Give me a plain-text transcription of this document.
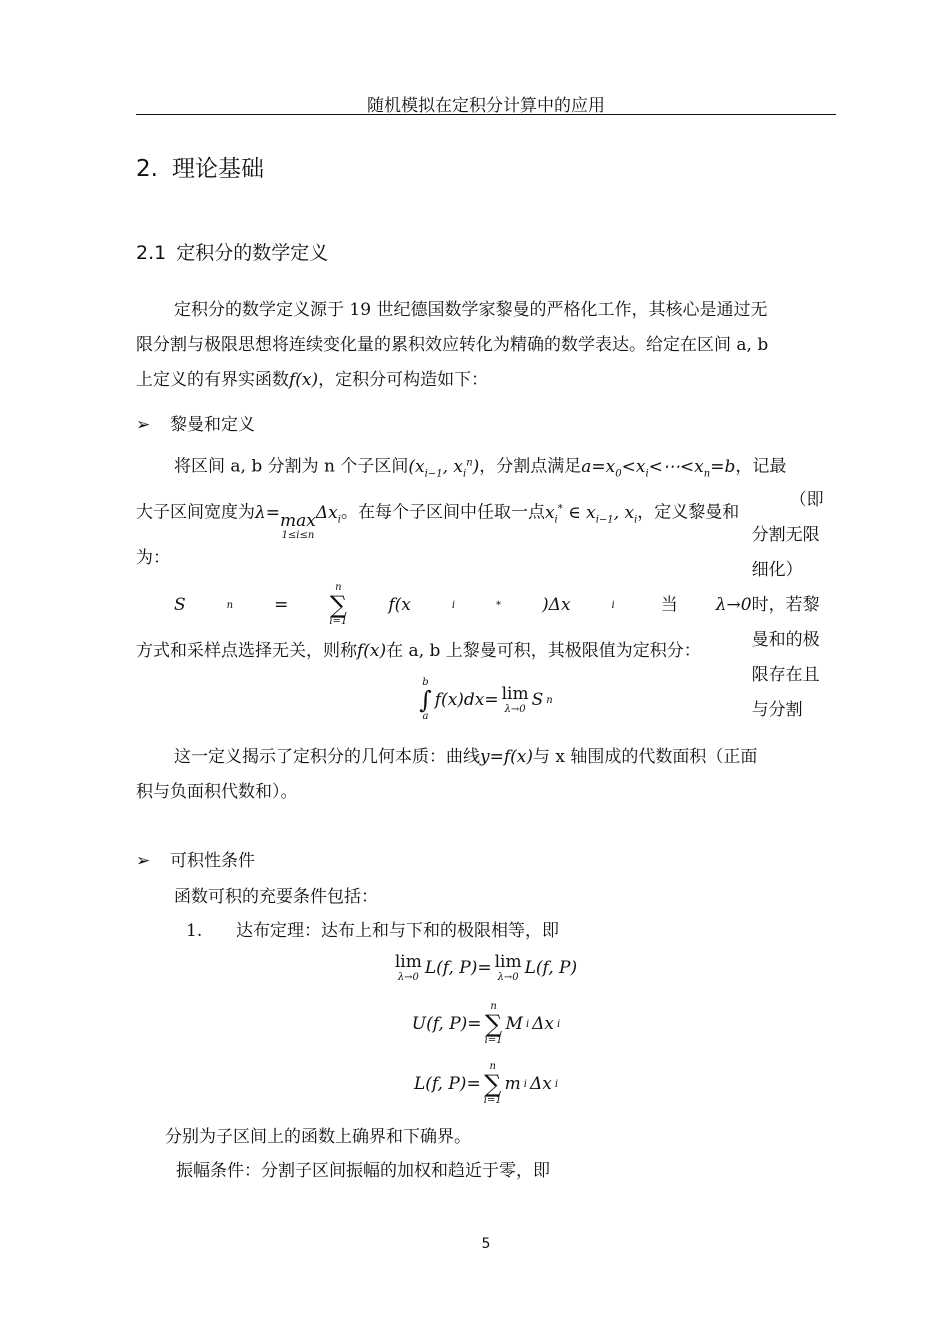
随机模拟在定积分计算中的应用
2. 理论基础
2.1 定积分的数学定义
定积分的数学定义源于 19 世纪德国数学家黎曼的严格化工作，其核心是通过无
限分割与极限思想将连续变化量的累积效应转化为精确的数学表达。给定在区间 a, b
上定义的有界实函数f(x)，定积分可构造如下：
➢ 黎曼和定义
将区间 a, b 分割为 n 个子区间($x_{i-1}$, $x_i^n$)，分割点满足$a=x_0<x_i<\cdots<x_n=b$，记最
大子区间宽度为λ= max
1≤i≤n
$\Delta x_i$。在每个子区间中任取一点$x_i^*$ ∈ $x_{i-1}$, $x_i$，定义黎曼和
为：
S	n =
n
∑
i=1
f(x	i	* )Δx	i	当	λ→0
（即分割无限细化）时，若黎曼和的极限存在且与分割
方式和采样点选择无关，则称f(x)在 a, b 上黎曼可积，其极限值为定积分：
b
∫
a
f(x)dx= lim
λ→0 S n
这一定义揭示了定积分的几何本质：曲线y=f(x)与 x 轴围成的代数面积（正面
积与负面积代数和）。
➢ 可积性条件
函数可积的充要条件包括：
1. 达布定理：达布上和与下和的极限相等，即
lim
λ→0 L(f, P)= lim
λ→0 L(f, P)
U(f, P)=
n
∑
i=1
M i Δx i
L(f, P)=
n
∑
i=1
m i Δx i
分别为子区间上的函数上确界和下确界。
振幅条件：分割子区间振幅的加权和趋近于零，即
5
